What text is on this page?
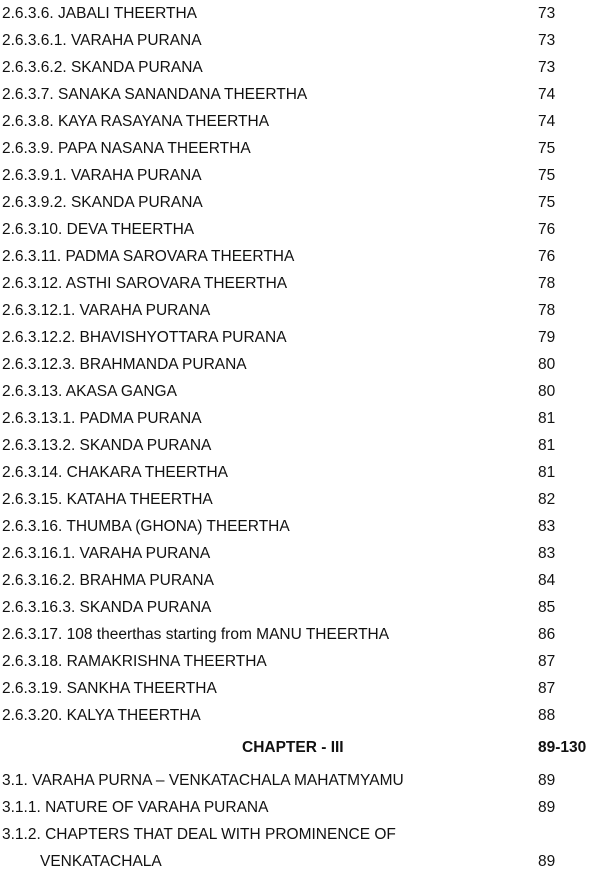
2.6.3.6. JABALI THEERTHA	73
2.6.3.6.1. VARAHA PURANA	73
2.6.3.6.2. SKANDA PURANA	73
2.6.3.7. SANAKA SANANDANA THEERTHA	74
2.6.3.8. KAYA RASAYANA THEERTHA	74
2.6.3.9. PAPA NASANA THEERTHA	75
2.6.3.9.1. VARAHA PURANA	75
2.6.3.9.2. SKANDA PURANA	75
2.6.3.10. DEVA THEERTHA	76
2.6.3.11. PADMA SAROVARA THEERTHA	76
2.6.3.12. ASTHI SAROVARA THEERTHA	78
2.6.3.12.1. VARAHA PURANA	78
2.6.3.12.2. BHAVISHYOTTARA PURANA	79
2.6.3.12.3. BRAHMANDA PURANA	80
2.6.3.13. AKASA GANGA	80
2.6.3.13.1. PADMA PURANA	81
2.6.3.13.2. SKANDA PURANA	81
2.6.3.14. CHAKARA THEERTHA	81
2.6.3.15. KATAHA THEERTHA	82
2.6.3.16. THUMBA (GHONA) THEERTHA	83
2.6.3.16.1. VARAHA PURANA	83
2.6.3.16.2. BRAHMA PURANA	84
2.6.3.16.3. SKANDA PURANA	85
2.6.3.17. 108 theerthas starting from MANU THEERTHA	86
2.6.3.18. RAMAKRISHNA THEERTHA	87
2.6.3.19. SANKHA THEERTHA	87
2.6.3.20. KALYA THEERTHA	88
CHAPTER - III	89-130
3.1. VARAHA PURNA – VENKATACHALA MAHATMYAMU	89
3.1.1. NATURE OF VARAHA PURANA	89
3.1.2. CHAPTERS THAT DEAL WITH PROMINENCE OF
VENKATACHALA	89
